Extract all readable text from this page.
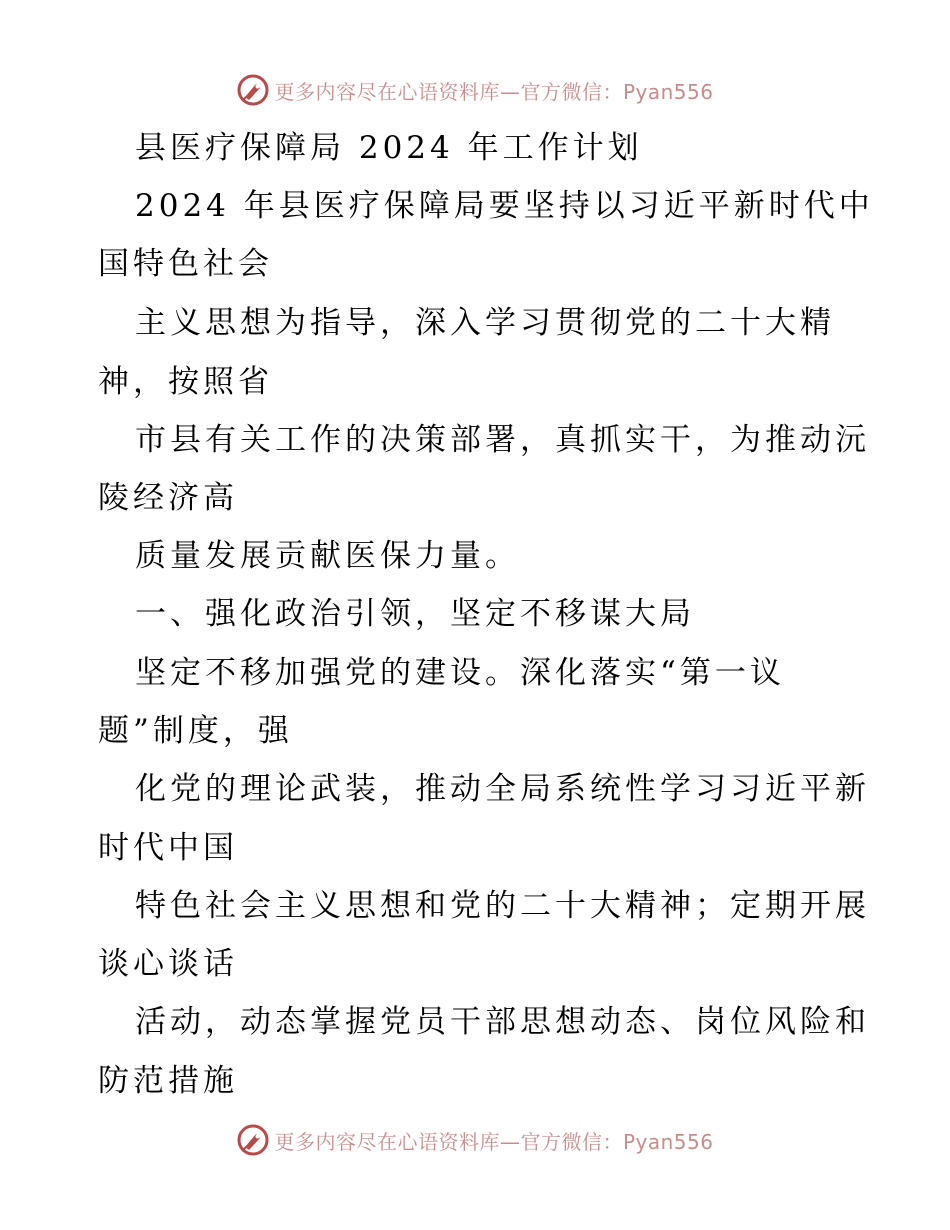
更多内容尽在心语资料库—官方微信：Pyan556
县医疗保障局 2024 年工作计划
2024 年县医疗保障局要坚持以习近平新时代中
国特色社会
主义思想为指导，深入学习贯彻党的二十大精
神，按照省
市县有关工作的决策部署，真抓实干，为推动沅
陵经济高
质量发展贡献医保力量。
一、强化政治引领，坚定不移谋大局
坚定不移加强党的建设。深化落实“第一议
题”制度，强
化党的理论武装，推动全局系统性学习习近平新
时代中国
特色社会主义思想和党的二十大精神；定期开展
谈心谈话
活动，动态掌握党员干部思想动态、岗位风险和
防范措施
更多内容尽在心语资料库—官方微信：Pyan556
